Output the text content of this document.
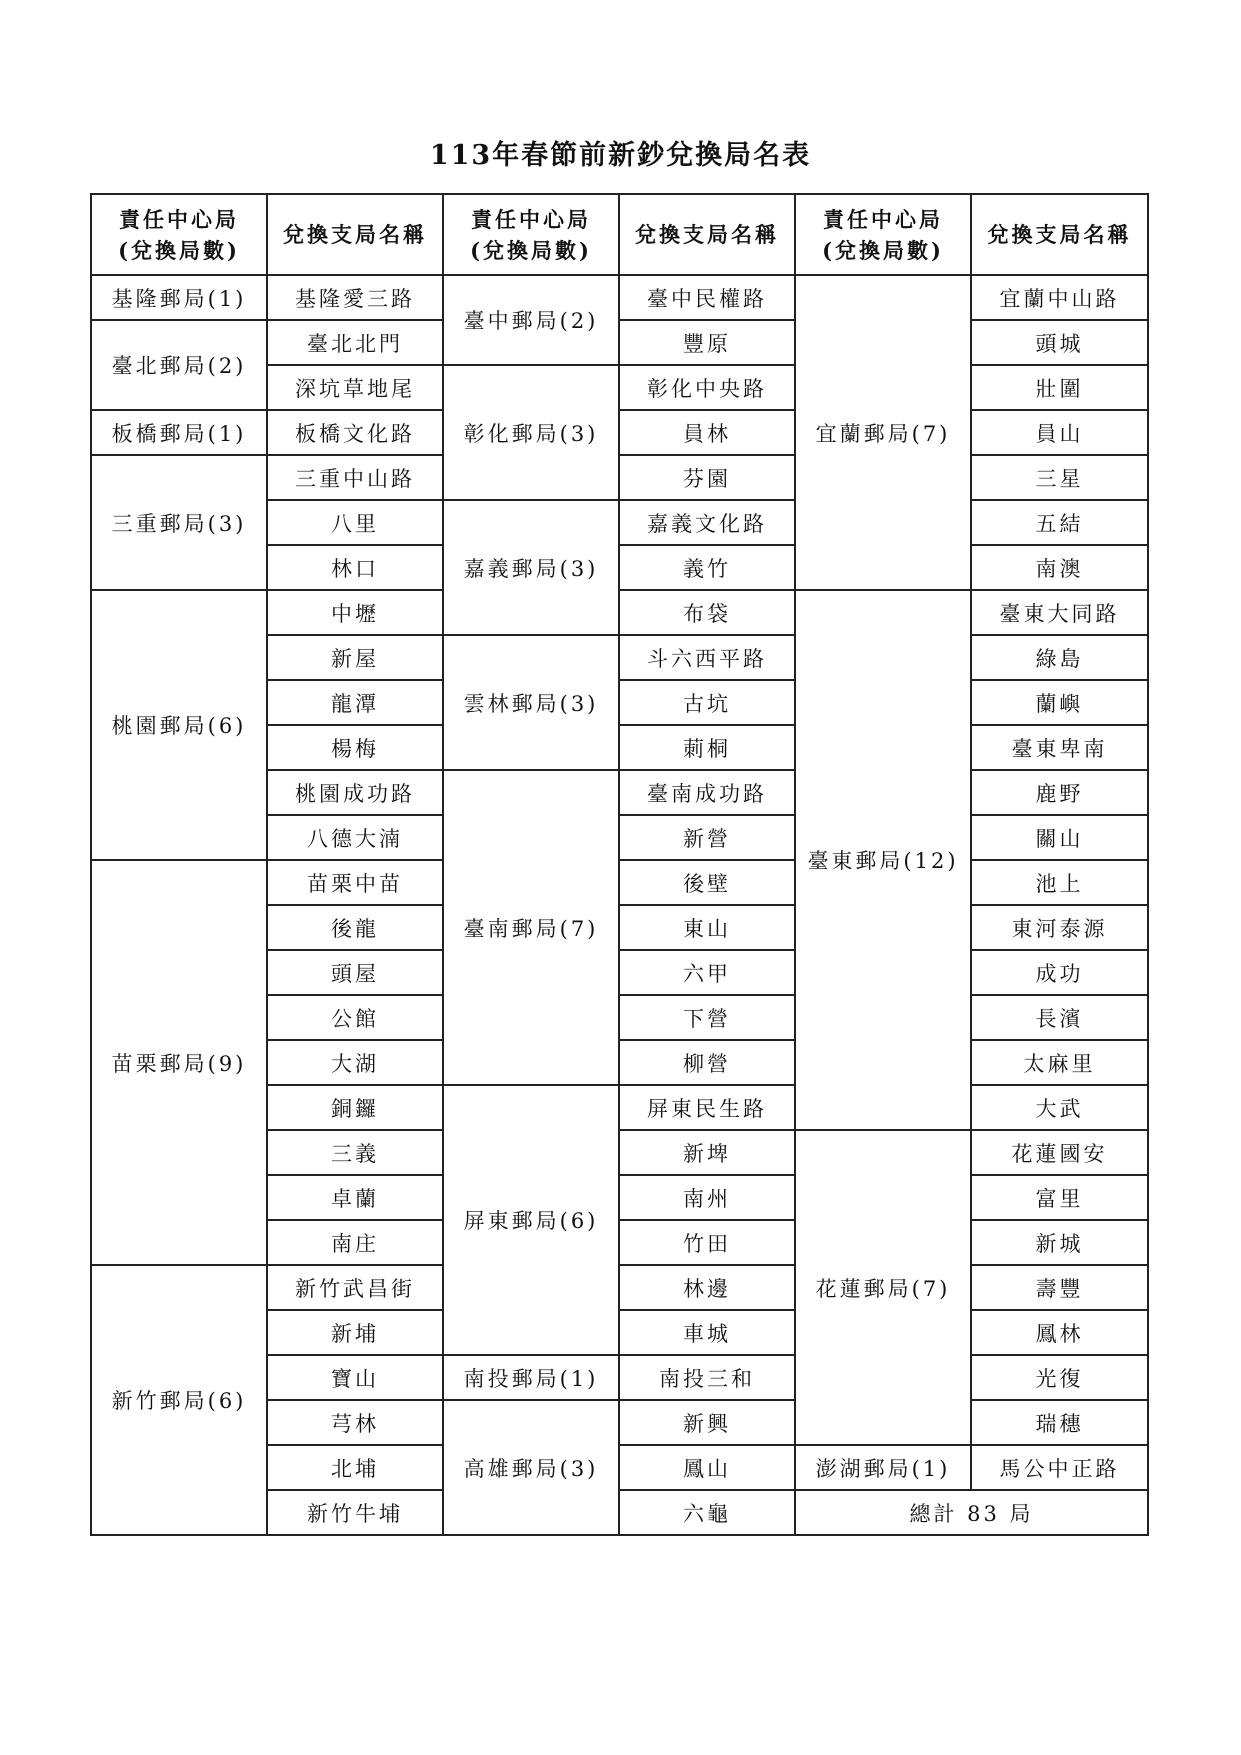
113年春節前新鈔兌換局名表
責任中心局
(兌換局數)	兌換支局名稱	責任中心局
(兌換局數)	兌換支局名稱	責任中心局
(兌換局數)	兌換支局名稱
基隆郵局(1)	基隆愛三路	臺中郵局(2)	臺中民權路	宜蘭郵局(7)	宜蘭中山路
臺北郵局(2)	臺北北門		豐原		頭城
	深坑草地尾	彰化郵局(3)	彰化中央路		壯圍
板橋郵局(1)	板橋文化路		員林		員山
三重郵局(3)	三重中山路		芬園		三星
	八里	嘉義郵局(3)	嘉義文化路		五結
	林口		義竹		南澳
桃園郵局(6)	中壢		布袋	臺東郵局(12)	臺東大同路
	新屋	雲林郵局(3)	斗六西平路		綠島
	龍潭		古坑		蘭嶼
	楊梅		莿桐		臺東卑南
	桃園成功路	臺南郵局(7)	臺南成功路		鹿野
	八德大湳		新營		關山
苗栗郵局(9)	苗栗中苗		後壁		池上
	後龍		東山		東河泰源
	頭屋		六甲		成功
	公館		下營		長濱
	大湖		柳營		太麻里
	銅鑼	屏東郵局(6)	屏東民生路		大武
	三義		新埤	花蓮郵局(7)	花蓮國安
	卓蘭		南州		富里
	南庄		竹田		新城
新竹郵局(6)	新竹武昌街		林邊		壽豐
	新埔		車城		鳳林
	寶山	南投郵局(1)	南投三和		光復
	芎林	高雄郵局(3)	新興		瑞穗
	北埔		鳳山	澎湖郵局(1)	馬公中正路
	新竹牛埔		六龜	總計 83 局	
